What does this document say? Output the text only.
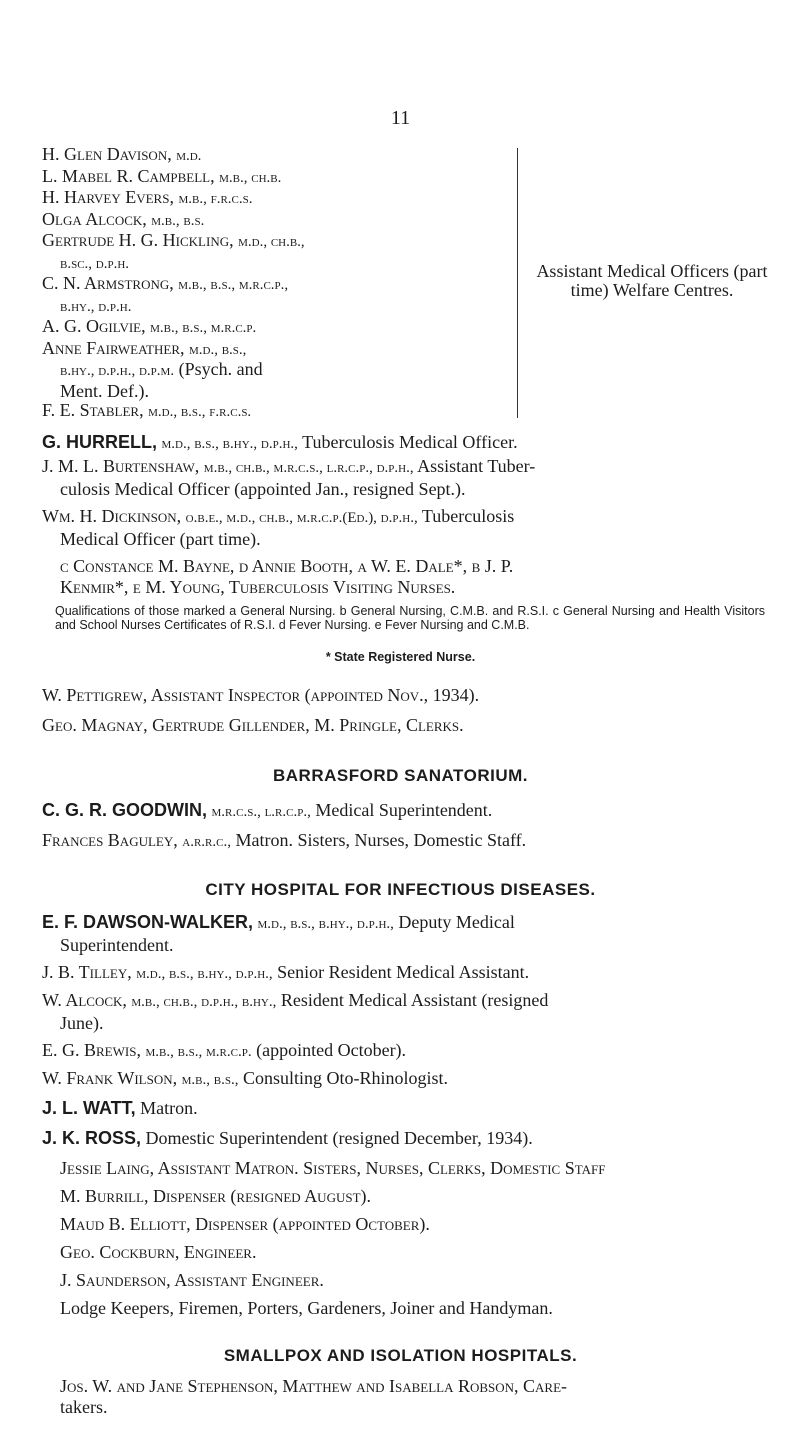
11
H. Glen Davison, m.d.
L. Mabel R. Campbell, m.b., ch.b.
H. Harvey Evers, m.b., f.r.c.s.
Olga Alcock, m.b., b.s.
Gertrude H. G. Hickling, m.d., ch.b.,
b.sc., d.p.h.
C. N. Armstrong, m.b., b.s., m.r.c.p.,
b.hy., d.p.h.
A. G. Ogilvie, m.b., b.s., m.r.c.p.
Anne Fairweather, m.d., b.s.,
b.hy., d.p.h., d.p.m. (Psych. and
Ment. Def.).
F. E. Stabler, m.d., b.s., f.r.c.s.
Assistant Medical Officers (part time) Welfare Centres.
G. HURRELL, m.d., b.s., b.hy., d.p.h., Tuberculosis Medical Officer.
J. M. L. Burtenshaw, m.b., ch.b., m.r.c.s., l.r.c.p., d.p.h., Assistant Tuber-
culosis Medical Officer (appointed Jan., resigned Sept.).
Wm. H. Dickinson, o.b.e., m.d., ch.b., m.r.c.p.(Ed.), d.p.h., Tuberculosis
Medical Officer (part time).
c Constance M. Bayne, d Annie Booth, a W. E. Dale*, b J. P.
Kenmir*, e M. Young, Tuberculosis Visiting Nurses.
Qualifications of those marked a General Nursing. b General Nursing, C.M.B. and R.S.I. c General Nursing and Health Visitors and School Nurses Certificates of R.S.I. d Fever Nursing. e Fever Nursing and C.M.B.
* State Registered Nurse.
W. Pettigrew, Assistant Inspector (appointed Nov., 1934).
Geo. Magnay, Gertrude Gillender, M. Pringle, Clerks.
BARRASFORD SANATORIUM.
C. G. R. GOODWIN, m.r.c.s., l.r.c.p., Medical Superintendent.
Frances Baguley, a.r.r.c., Matron. Sisters, Nurses, Domestic Staff.
CITY HOSPITAL FOR INFECTIOUS DISEASES.
E. F. DAWSON-WALKER, m.d., b.s., b.hy., d.p.h., Deputy Medical
Superintendent.
J. B. Tilley, m.d., b.s., b.hy., d.p.h., Senior Resident Medical Assistant.
W. Alcock, m.b., ch.b., d.p.h., b.hy., Resident Medical Assistant (resigned
June).
E. G. Brewis, m.b., b.s., m.r.c.p. (appointed October).
W. Frank Wilson, m.b., b.s., Consulting Oto-Rhinologist.
J. L. WATT, Matron.
J. K. ROSS, Domestic Superintendent (resigned December, 1934).
Jessie Laing, Assistant Matron. Sisters, Nurses, Clerks, Domestic Staff
M. Burrill, Dispenser (resigned August).
Maud B. Elliott, Dispenser (appointed October).
Geo. Cockburn, Engineer.
J. Saunderson, Assistant Engineer.
Lodge Keepers, Firemen, Porters, Gardeners, Joiner and Handyman.
SMALLPOX AND ISOLATION HOSPITALS.
Jos. W. and Jane Stephenson, Matthew and Isabella Robson, Care-
takers.
